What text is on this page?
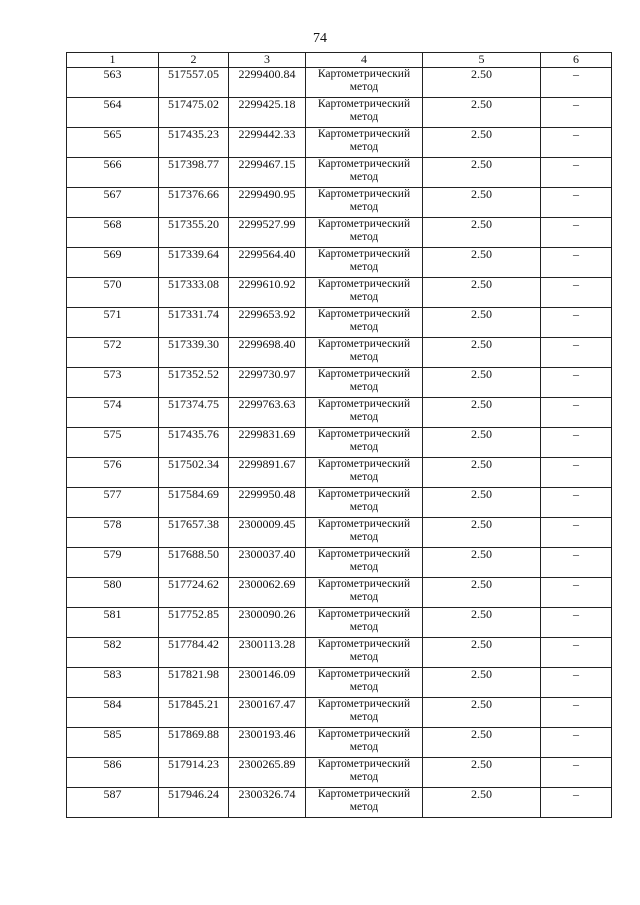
74
1	2	3	4	5	6
563	517557.05	2299400.84	Картометрический метод	2.50	–
564	517475.02	2299425.18	Картометрический метод	2.50	–
565	517435.23	2299442.33	Картометрический метод	2.50	–
566	517398.77	2299467.15	Картометрический метод	2.50	–
567	517376.66	2299490.95	Картометрический метод	2.50	–
568	517355.20	2299527.99	Картометрический метод	2.50	–
569	517339.64	2299564.40	Картометрический метод	2.50	–
570	517333.08	2299610.92	Картометрический метод	2.50	–
571	517331.74	2299653.92	Картометрический метод	2.50	–
572	517339.30	2299698.40	Картометрический метод	2.50	–
573	517352.52	2299730.97	Картометрический метод	2.50	–
574	517374.75	2299763.63	Картометрический метод	2.50	–
575	517435.76	2299831.69	Картометрический метод	2.50	–
576	517502.34	2299891.67	Картометрический метод	2.50	–
577	517584.69	2299950.48	Картометрический метод	2.50	–
578	517657.38	2300009.45	Картометрический метод	2.50	–
579	517688.50	2300037.40	Картометрический метод	2.50	–
580	517724.62	2300062.69	Картометрический метод	2.50	–
581	517752.85	2300090.26	Картометрический метод	2.50	–
582	517784.42	2300113.28	Картометрический метод	2.50	–
583	517821.98	2300146.09	Картометрический метод	2.50	–
584	517845.21	2300167.47	Картометрический метод	2.50	–
585	517869.88	2300193.46	Картометрический метод	2.50	–
586	517914.23	2300265.89	Картометрический метод	2.50	–
587	517946.24	2300326.74	Картометрический метод	2.50	–
